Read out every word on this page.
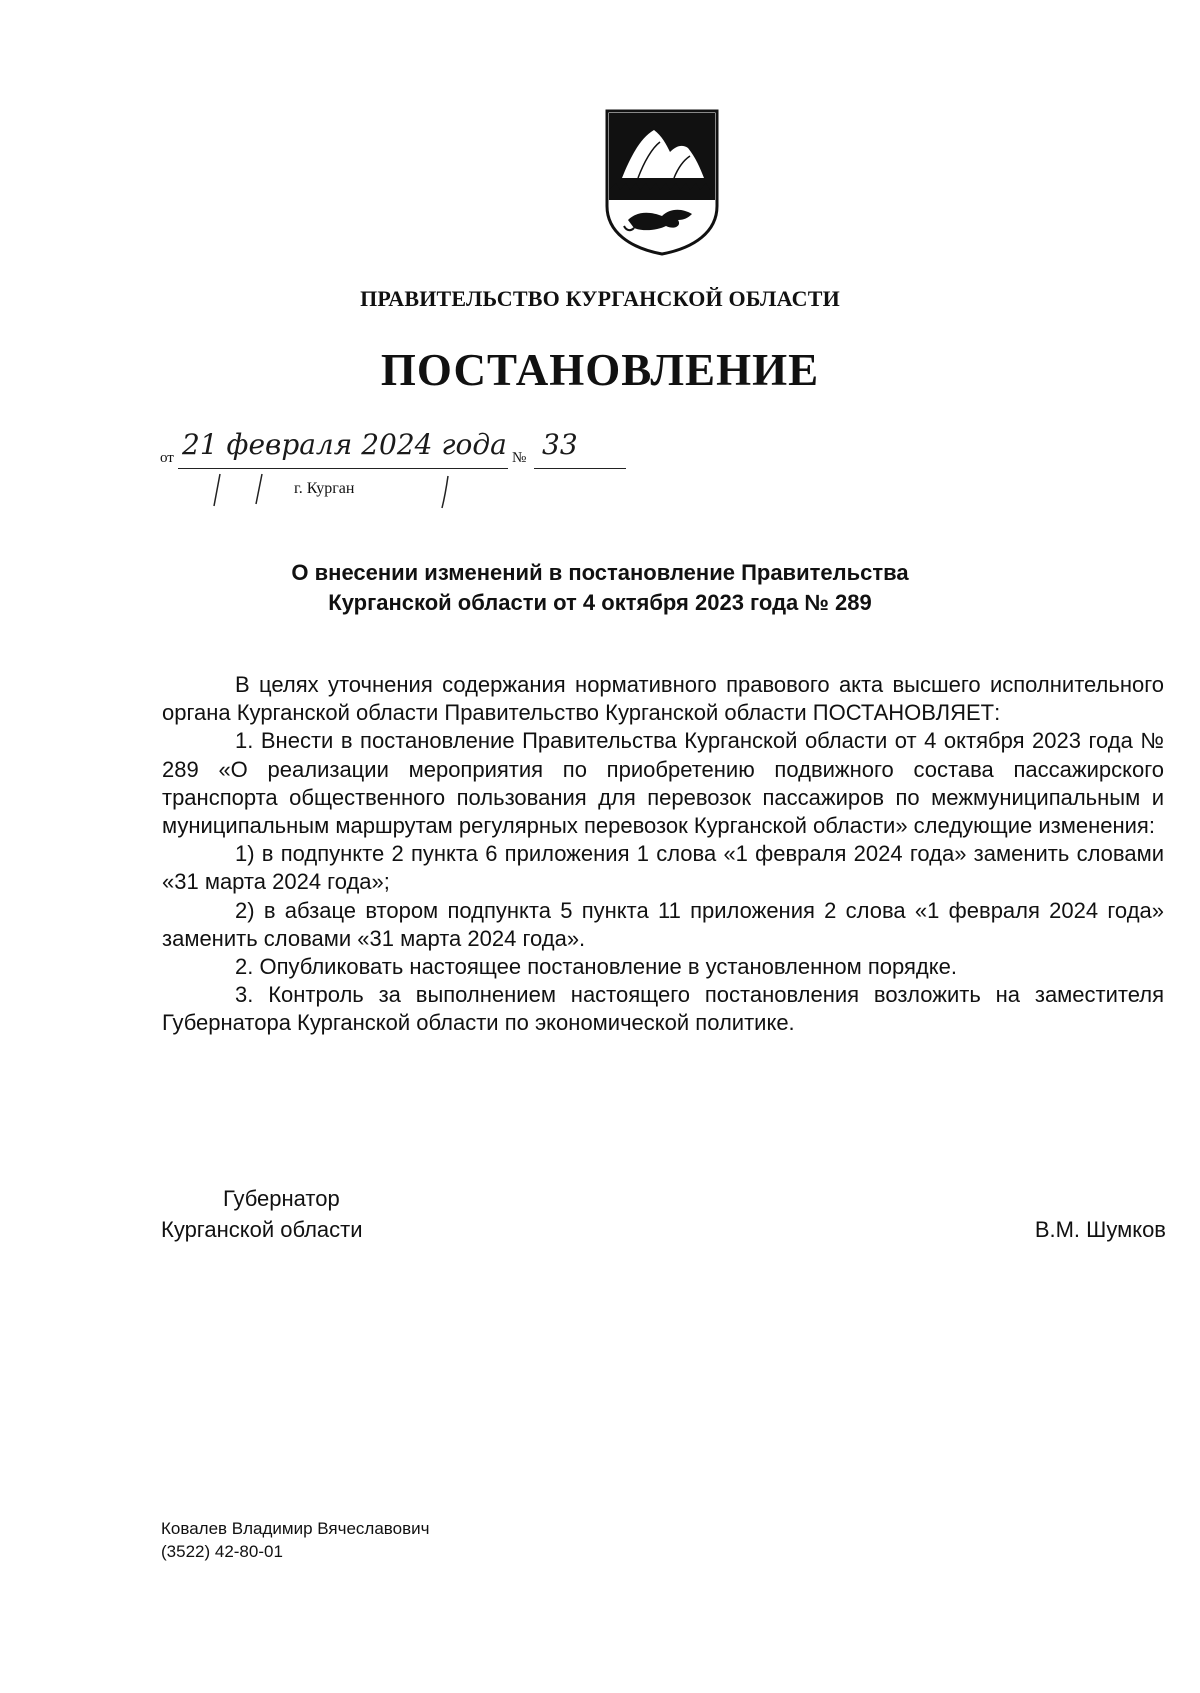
ПРАВИТЕЛЬСТВО КУРГАНСКОЙ ОБЛАСТИ
ПОСТАНОВЛЕНИЕ
от 21 февраля 2024 года № 33
г. Курган
О внесении изменений в постановление Правительства
Курганской области от 4 октября 2023 года № 289

В целях уточнения содержания нормативного правового акта высшего исполнительного органа Курганской области Правительство Курганской области ПОСТАНОВЛЯЕТ:

1. Внести в постановление Правительства Курганской области от 4 октября 2023 года № 289 «О реализации мероприятия по приобретению подвижного состава пассажирского транспорта общественного пользования для перевозок пассажиров по межмуниципальным и муниципальным маршрутам регулярных перевозок Курганской области» следующие изменения:

1) в подпункте 2 пункта 6 приложения 1 слова «1 февраля 2024 года» заменить словами «31 марта 2024 года»;

2) в абзаце втором подпункта 5 пункта 11 приложения 2 слова «1 февраля 2024 года» заменить словами «31 марта 2024 года».

2. Опубликовать настоящее постановление в установленном порядке.

3. Контроль за выполнением настоящего постановления возложить на заместителя Губернатора Курганской области по экономической политике.

Губернатор
Курганской области	В.М. Шумков
Ковалев Владимир Вячеславович
(3522) 42-80-01
